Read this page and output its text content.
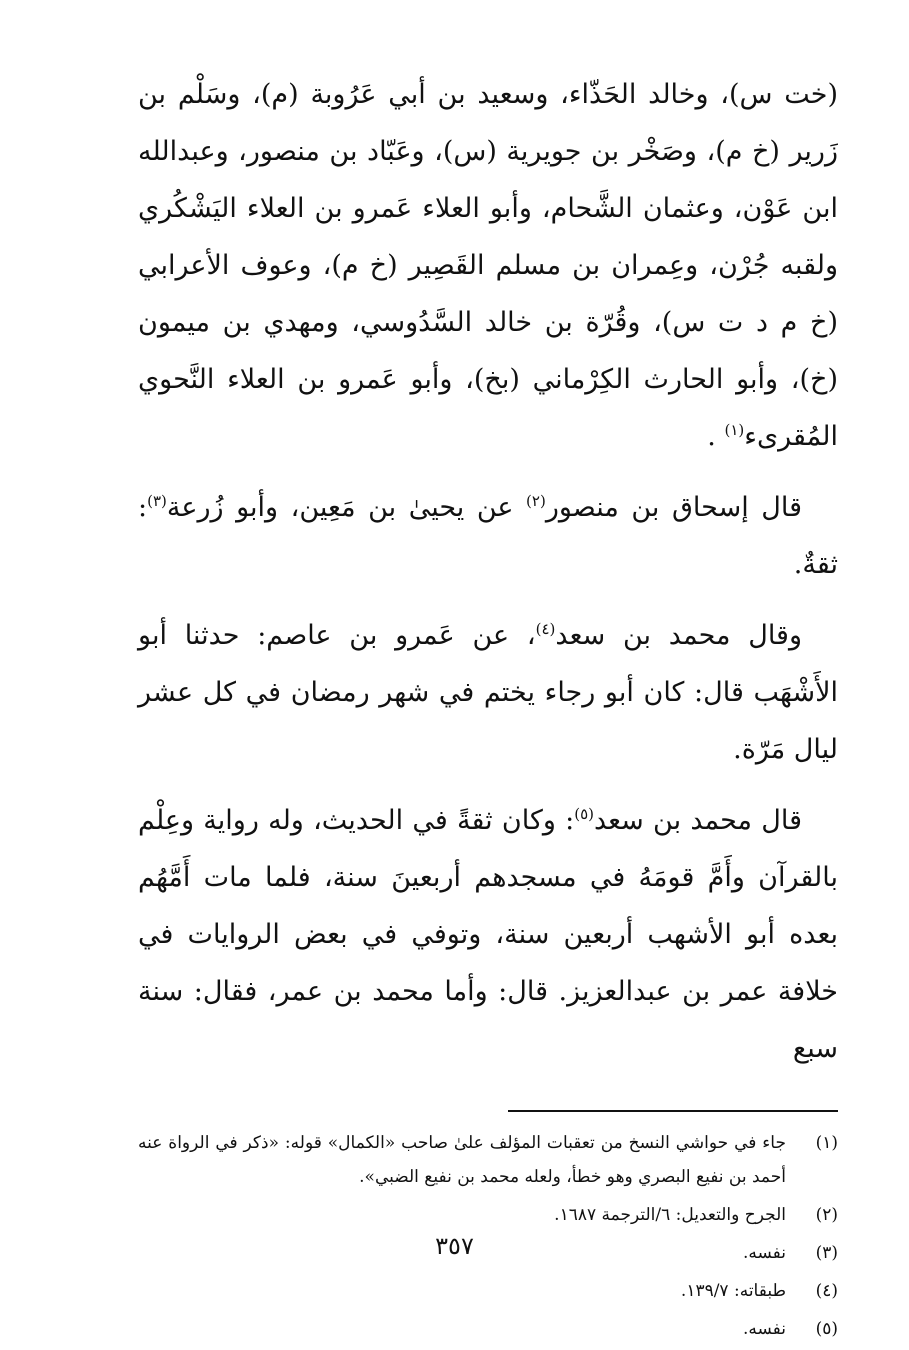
(خت س)، وخالد الحَذّاء، وسعيد بن أبي عَرُوبة (م)، وسَلْم بن زَرير (خ م)، وصَخْر بن جويرية (س)، وعَبّاد بن منصور، وعبدالله ابن عَوْن، وعثمان الشَّحام، وأبو العلاء عَمرو بن العلاء اليَشْكُري ولقبه جُرْن، وعِمران بن مسلم القَصِير (خ م)، وعوف الأعرابي (خ م د ت س)، وقُرّة بن خالد السَّدُوسي، ومهدي بن ميمون (خ)، وأبو الحارث الكِرْماني (بخ)، وأبو عَمرو بن العلاء النَّحوي المُقرىء$^{(١)}$ .

قال إسحاق بن منصور$^{(٢)}$ عن يحيىٰ بن مَعِين، وأبو زُرعة$^{(٣)}$: ثقةٌ.

وقال محمد بن سعد$^{(٤)}$، عن عَمرو بن عاصم: حدثنا أبو الأَشْهَب قال: كان أبو رجاء يختم في شهر رمضان في كل عشر ليال مَرّة.

قال محمد بن سعد$^{(٥)}$: وكان ثقةً في الحديث، وله رواية وعِلْم بالقرآن وأَمَّ قومَهُ في مسجدهم أربعينَ سنة، فلما مات أَمَّهُم بعده أبو الأشهب أربعين سنة، وتوفي في بعض الروايات في خلافة عمر بن عبدالعزيز. قال: وأما محمد بن عمر، فقال: سنة سبع

(١)
جاء في حواشي النسخ من تعقبات المؤلف علىٰ صاحب «الكمال» قوله: «ذكر في الرواة عنه أحمد بن نفيع البصري وهو خطأ، ولعله محمد بن نفيع الضبي».
(٢)
الجرح والتعديل: ٦/الترجمة ١٦٨٧.
(٣)
نفسه.
(٤)
طبقاته: ١٣٩/٧.
(٥)
نفسه.
٣٥٧
